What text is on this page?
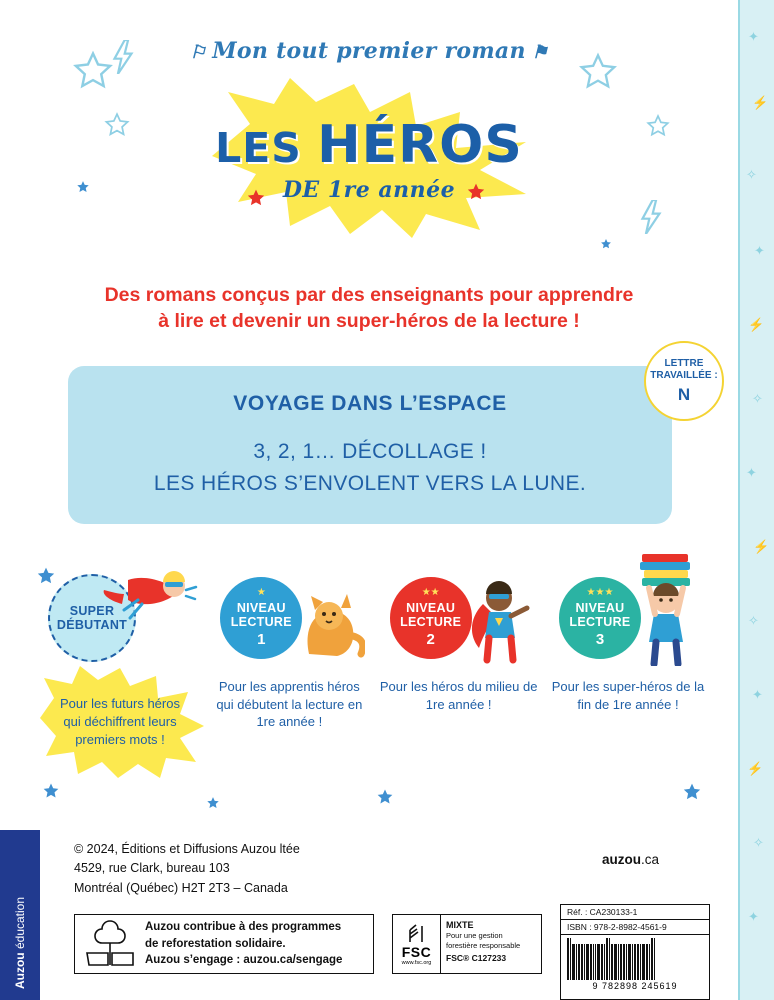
⚐ Mon tout premier roman ⚑
LES HÉROS
DE 1re année
Des romans conçus par des enseignants pour apprendre
à lire et devenir un super-héros de la lecture !
VOYAGE DANS L’ESPACE
3, 2, 1… DÉCOLLAGE !
LES HÉROS S’ENVOLENT VERS LA LUNE.
LETTRE
TRAVAILLÉE :
N
SUPER
DÉBUTANT
Pour les futurs héros qui déchiffrent leurs premiers mots !
★
NIVEAU
LECTURE
1
Pour les apprentis héros qui débutent la lecture en 1re année !
★★
NIVEAU
LECTURE
2
Pour les héros du milieu de 1re année !
★★★
NIVEAU
LECTURE
3
Pour les super-héros de la fin de 1re année !
Auzou éducation
© 2024, Éditions et Diffusions Auzou ltée
4529, rue Clark, bureau 103
Montréal (Québec) H2T 2T3 – Canada
auzou.ca
Auzou contribue à des programmes
de reforestation solidaire.
Auzou s’engage : auzou.ca/sengage
FSC
www.fsc.org
MIXTE
Pour une gestion
forestière responsable
FSC® C127233
Réf. : CA230133-1
ISBN : 978-2-8982-4561-9
9 782898 245619
✦
⚡
✧
✦
⚡
✧
✦
⚡
✧
✦
⚡
✧
✦
